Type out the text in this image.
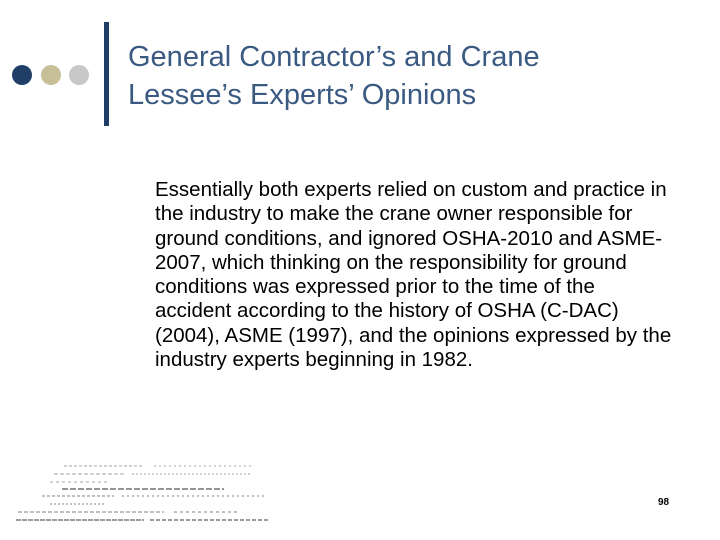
General Contractor’s and Crane
Lessee’s Experts’ Opinions

Essentially both experts relied on custom and practice in the industry to make the crane owner responsible for ground conditions, and ignored OSHA-2010 and ASME-2007, which thinking on the responsibility for ground conditions was expressed prior to the time of the accident according to the history of OSHA (C-DAC) (2004), ASME (1997), and the opinions expressed by the industry experts beginning in 1982.

98
